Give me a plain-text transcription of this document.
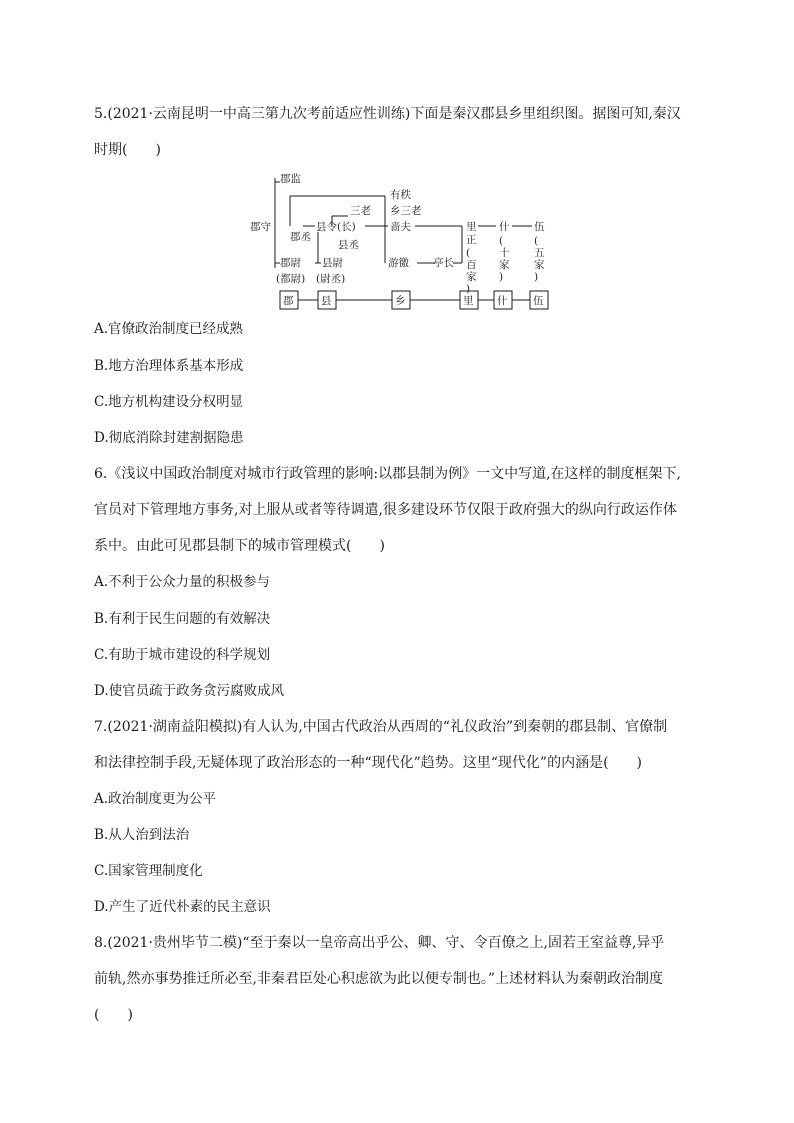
5.(2021·云南昆明一中高三第九次考前适应性训练)下面是秦汉郡县乡里组织图。据图可知,秦汉
时期(　　)
郡监
郡守
郡丞
郡尉
(都尉)
县令(长)
县丞
县尉
(尉丞)
三老
有秩
乡三老
啬夫
游徼 亭长
里正
(百家)
什
(十家)
伍
(五家)
郡	县	乡	里 什 伍
A.官僚政治制度已经成熟
B.地方治理体系基本形成
C.地方机构建设分权明显
D.彻底消除封建割据隐患
6.《浅议中国政治制度对城市行政管理的影响:以郡县制为例》一文中写道,在这样的制度框架下,
官员对下管理地方事务,对上服从或者等待调遣,很多建设环节仅限于政府强大的纵向行政运作体
系中。由此可见郡县制下的城市管理模式(　　)
A.不利于公众力量的积极参与
B.有利于民生问题的有效解决
C.有助于城市建设的科学规划
D.使官员疏于政务贪污腐败成风
7.(2021·湖南益阳模拟)有人认为,中国古代政治从西周的“礼仪政治”到秦朝的郡县制、官僚制
和法律控制手段,无疑体现了政治形态的一种“现代化”趋势。这里“现代化”的内涵是(　　)
A.政治制度更为公平
B.从人治到法治
C.国家管理制度化
D.产生了近代朴素的民主意识
8.(2021·贵州毕节二模)“至于秦以一皇帝高出乎公、卿、守、令百僚之上,固若王室益尊,异乎
前轨,然亦事势推迁所必至,非秦君臣处心积虑欲为此以便专制也。”上述材料认为秦朝政治制度
(　　)
